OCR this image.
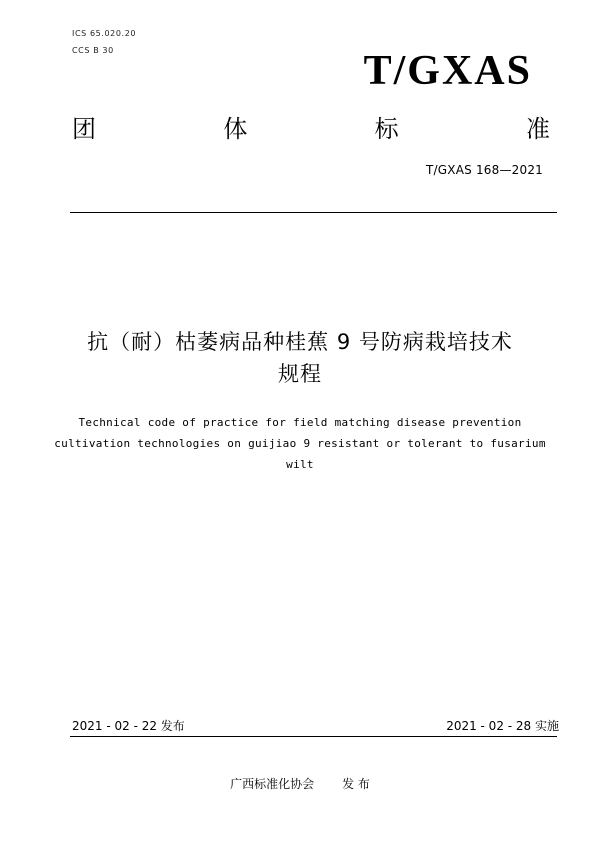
ICS 65.020.20
CCS B 30	T/GXAS
团	体	标	准
T/GXAS 168—2021
抗（耐）枯萎病品种桂蕉 9 号防病栽培技术
规程
Technical code of practice for field matching disease prevention
cultivation technologies on guijiao 9 resistant or tolerant to fusarium
wilt
2021 - 02 - 22 发布	2021 - 02 - 28 实施
广西标准化协会 发 布
